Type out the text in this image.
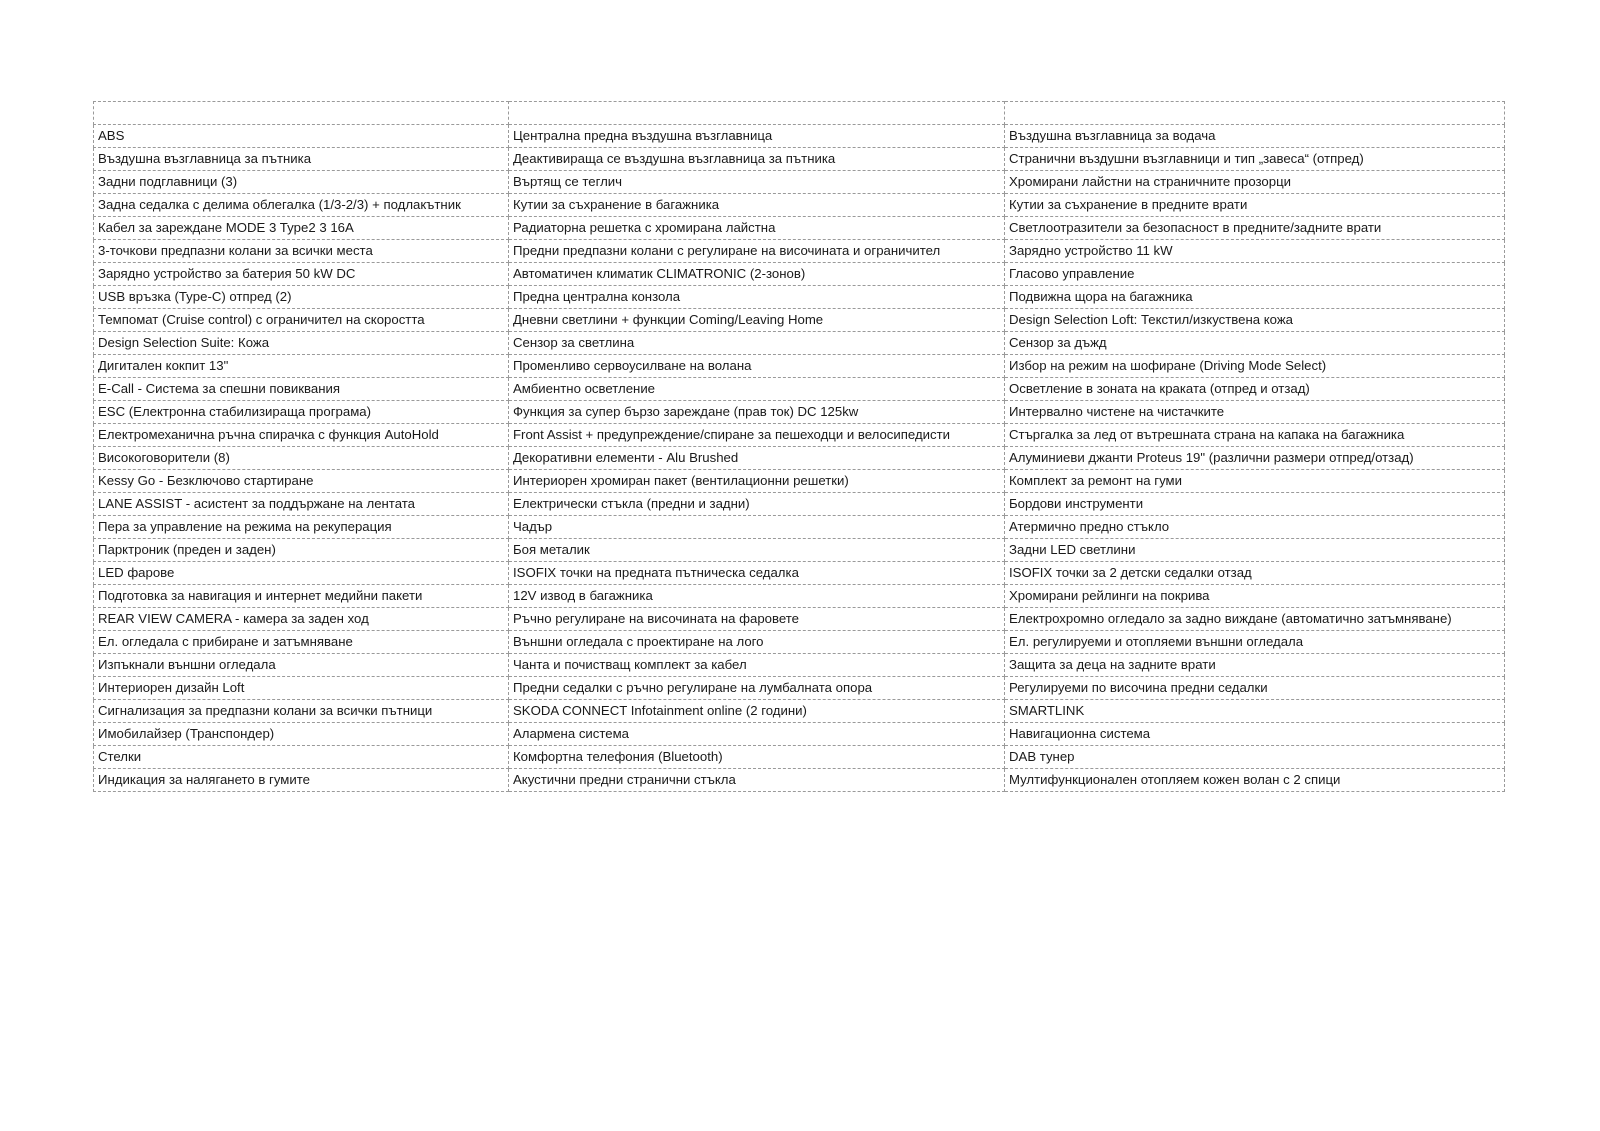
ABS	Централна предна въздушна възглавница	Въздушна възглавница за водача
Въздушна възглавница за пътника	Деактивираща се въздушна възглавница за пътника	Странични въздушни възглавници и тип „завеса“ (отпред)
Задни подглавници (3)	Въртящ се теглич	Хромирани лайстни на страничните прозорци
Задна седалка с делима облегалка (1/3-2/3) + подлакътник	Кутии за съхранение в багажника	Кутии за съхранение в предните врати
Кабел за зареждане MODE 3 Type2 3 16A	Радиаторна решетка с хромирана лайстна	Светлоотразители за безопасност в предните/задните врати
3-точкови предпазни колани за всички места	Предни предпазни колани с регулиране на височината и ограничител	Зарядно устройство 11 kW
Зарядно устройство за батерия 50 kW DC	Автоматичен климатик CLIMATRONIC (2-зонов)	Гласово управление
USB връзка (Type-C) отпред (2)	Предна централна конзола	Подвижна щора на багажника
Темпомат (Cruise control) с ограничител на скоростта	Дневни светлини + функции Coming/Leaving Home	Design Selection Loft: Текстил/изкуствена кожа
Design Selection Suite: Кожа	Сензор за светлина	Сензор за дъжд
Дигитален кокпит 13"	Променливо сервоусилване на волана	Избор на режим на шофиране (Driving Mode Select)
E-Call - Система за спешни повиквания	Амбиентно осветление	Осветление в зоната на краката (отпред и отзад)
ESC (Електронна стабилизираща програма)	Функция за супер бързо зареждане (прав ток) DC 125kw	Интервално чистене на чистачките
Електромеханична ръчна спирачка с функция AutoHold	Front Assist + предупреждение/спиране за пешеходци и велосипедисти	Стъргалка за лед от вътрешната страна на капака на багажника
Високоговорители (8)	Декоративни елементи - Alu Brushed	Алуминиеви джанти Proteus 19" (различни размери отпред/отзад)
Kessy Go - Безключово стартиране	Интериорен хромиран пакет (вентилационни решетки)	Комплект за ремонт на гуми
LANE ASSIST - асистент за поддържане на лентата	Електрически стъкла (предни и задни)	Бордови инструменти
Пера за управление на режима на рекуперация	Чадър	Атермично предно стъкло
Парктроник (преден и заден)	Боя металик	Задни LED светлини
LED фарове	ISOFIX точки на предната пътническа седалка	ISOFIX точки за 2 детски седалки отзад
Подготовка за навигация и интернет медийни пакети	12V извод в багажника	Хромирани рейлинги на покрива
REAR VIEW CAMERA - камера за заден ход	Ръчно регулиране на височината на фаровете	Електрохромно огледало за задно виждане (автоматично затъмняване)
Ел. огледала с прибиране и затъмняване	Външни огледала с проектиране на лого	Ел. регулируеми и отопляеми външни огледала
Изпъкнали външни огледала	Чанта и почистващ комплект за кабел	Защита за деца на задните врати
Интериорен дизайн Loft	Предни седалки с ръчно регулиране на лумбалната опора	Регулируеми по височина предни седалки
Сигнализация за предпазни колани за всички пътници	SKODA CONNECT Infotainment online (2 години)	SMARTLINK
Имобилайзер (Транспондер)	Алармена система	Навигационна система
Стелки	Комфортна телефония (Bluetooth)	DAB тунер
Индикация за налягането в гумите	Акустични предни странични стъкла	Мултифункционален отопляем кожен волан с 2 спици
